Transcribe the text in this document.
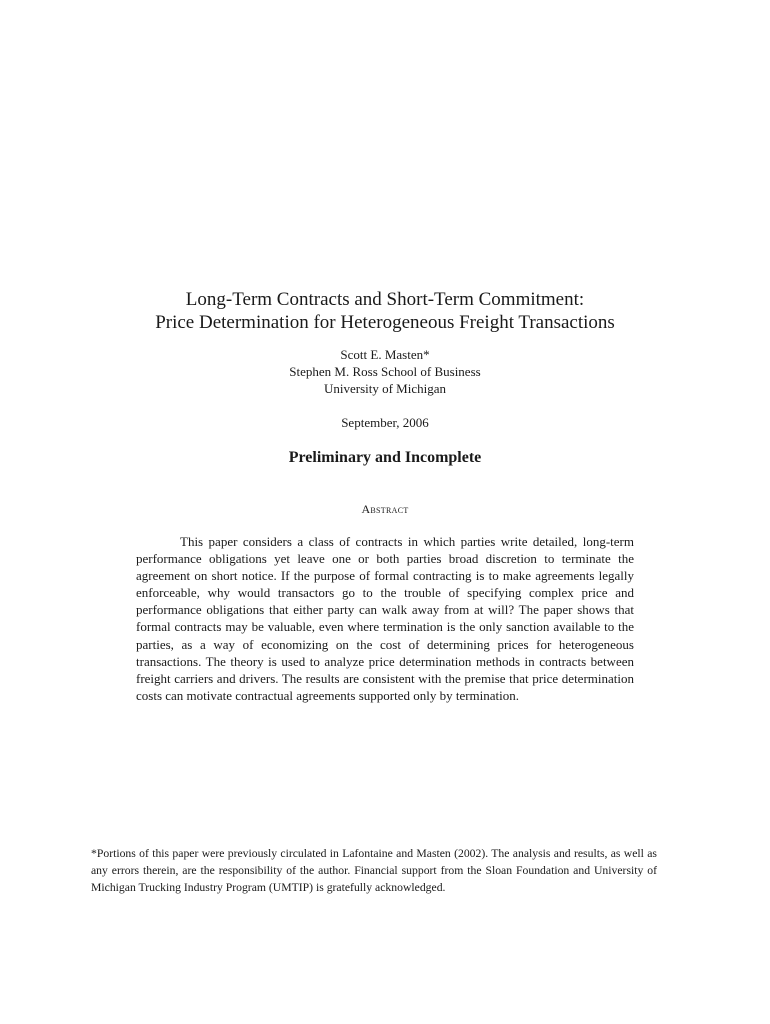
Long-Term Contracts and Short-Term Commitment:
Price Determination for Heterogeneous Freight Transactions
Scott E. Masten*
Stephen M. Ross School of Business
University of Michigan
September, 2006
Preliminary and Incomplete
Abstract

This paper considers a class of contracts in which parties write detailed, long-term performance obligations yet leave one or both parties broad discretion to terminate the agreement on short notice. If the purpose of formal contracting is to make agreements legally enforceable, why would transactors go to the trouble of specifying complex price and performance obligations that either party can walk away from at will? The paper shows that formal contracts may be valuable, even where termination is the only sanction available to the parties, as a way of economizing on the cost of determining prices for heterogeneous transactions. The theory is used to analyze price determination methods in contracts between freight carriers and drivers. The results are consistent with the premise that price determination costs can motivate contractual agreements supported only by termination.

*Portions of this paper were previously circulated in Lafontaine and Masten (2002). The analysis and results, as well as any errors therein, are the responsibility of the author. Financial support from the Sloan Foundation and University of Michigan Trucking Industry Program (UMTIP) is gratefully acknowledged.
